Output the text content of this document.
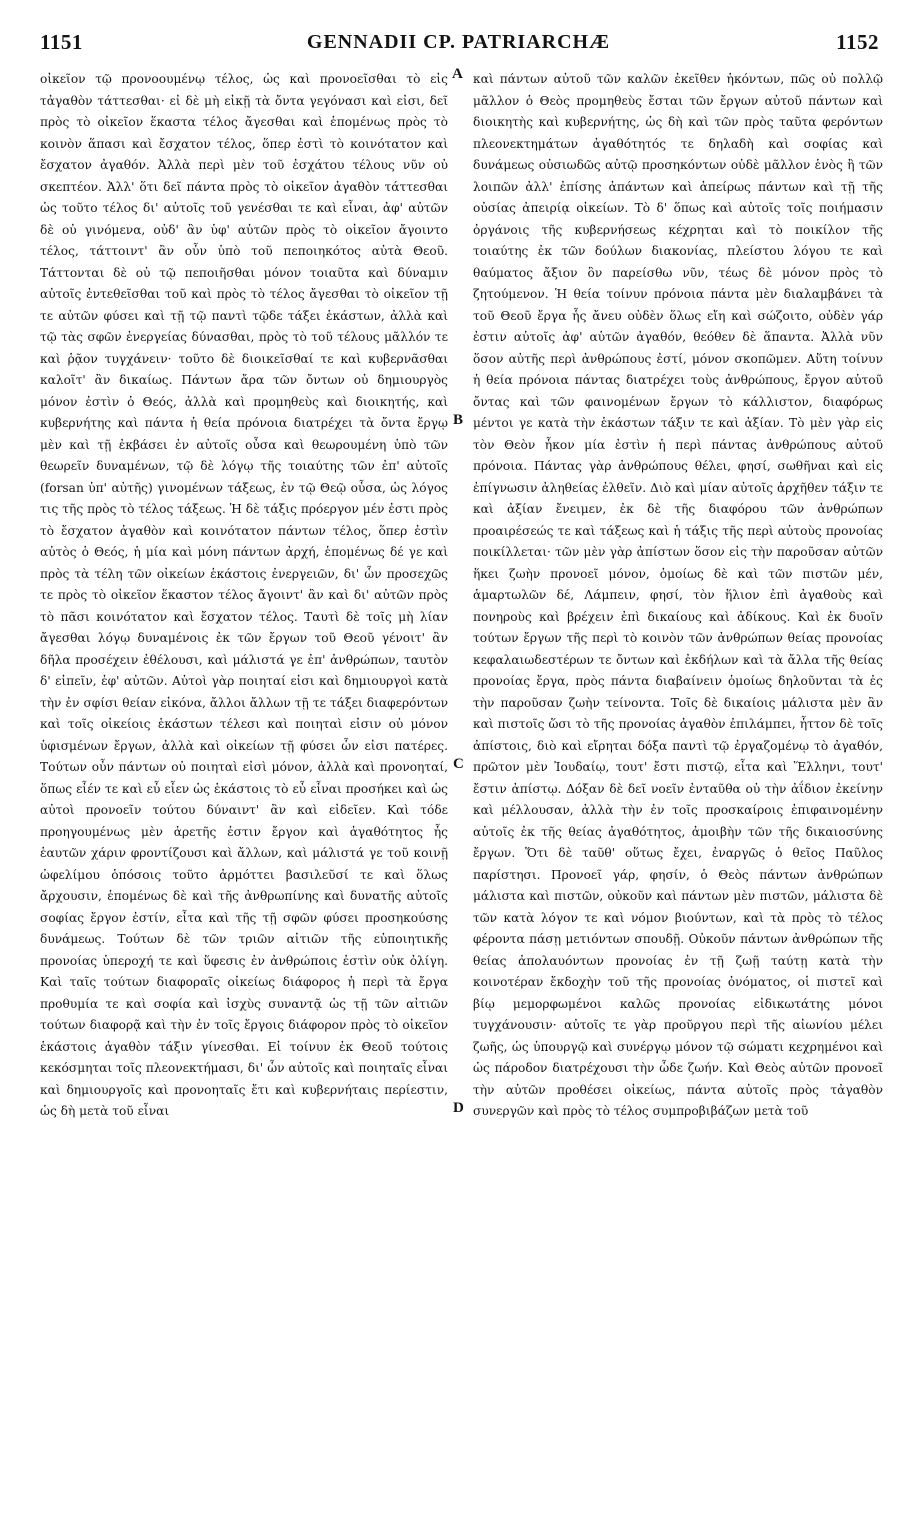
1151	GENNADII CP. PATRIARCHÆ	1152

οἰκεῖον τῷ προνοουμένῳ τέλος, ὡς καὶ προνοεῖσθαι τὸ εἰς τἀγαθὸν τάττεσθαι· εἰ δὲ μὴ εἰκῇ τὰ ὄντα γεγόνασι καὶ εἰσι, δεῖ πρὸς τὸ οἰκεῖον ἕκαστα τέλος ἄγεσθαι καὶ ἑπομένως πρὸς τὸ κοινὸν ἅπασι καὶ ἔσχατον τέλος, ὅπερ ἐστὶ τὸ κοινότατον καὶ ἔσχατον ἀγαθόν. Ἀλλὰ περὶ μὲν τοῦ ἐσχάτου τέλους νῦν οὐ σκεπτέον. Ἀλλ' ὅτι δεῖ πάντα πρὸς τὸ οἰκεῖον ἀγαθὸν τάττεσθαι ὡς τοῦτο τέλος δι' αὐτοῖς τοῦ γενέσθαι τε καὶ εἶναι, ἀφ' αὐτῶν δὲ οὐ γινόμενα, οὐδ' ἂν ὑφ' αὑτῶν πρὸς τὸ οἰκεῖον ἄγοιντο τέλος, τάττοιντ' ἂν οὖν ὑπὸ τοῦ πεποιηκότος αὐτὰ Θεοῦ. Τάττονται δὲ οὐ τῷ πεποιῆσθαι μόνον τοιαῦτα καὶ δύναμιν αὐτοῖς ἐντεθεῖσθαι τοῦ καὶ πρὸς τὸ τέλος ἄγεσθαι τὸ οἰκεῖον τῇ τε αὐτῶν φύσει καὶ τῇ τῷ παντὶ τῷδε τάξει ἑκάστων, ἀλλὰ καὶ τῷ τὰς σφῶν ἐνεργείας δύνασθαι, πρὸς τὸ τοῦ τέλους μᾶλλόν τε καὶ ῥᾷον τυγχάνειν· τοῦτο δὲ διοικεῖσθαί τε καὶ κυβερνᾶσθαι καλοῖτ' ἂν δικαίως. Πάντων ἄρα τῶν ὄντων οὐ δημιουργὸς μόνον ἐστὶν ὁ Θεός, ἀλλὰ καὶ προμηθεὺς καὶ διοικητής, καὶ κυβερνήτης καὶ πάντα ἡ θεία πρόνοια διατρέχει τὰ ὄντα ἔργῳ μὲν καὶ τῇ ἐκβάσει ἐν αὐτοῖς οὖσα καὶ θεωρουμένη ὑπὸ τῶν θεωρεῖν δυναμένων, τῷ δὲ λόγῳ τῆς τοιαύτης τῶν ἐπ' αὐτοῖς (forsan ὑπ' αὐτῆς) γινομένων τάξεως, ἐν τῷ Θεῷ οὖσα, ὡς λόγος τις τῆς πρὸς τὸ τέλος τάξεως. Ἡ δὲ τάξις πρόεργον μέν ἐστι πρὸς τὸ ἔσχατον ἀγαθὸν καὶ κοινότατον πάντων τέλος, ὅπερ ἐστὶν αὐτὸς ὁ Θεός, ἡ μία καὶ μόνη πάντων ἀρχή, ἑπομένως δέ γε καὶ πρὸς τὰ τέλη τῶν οἰκείων ἑκάστοις ἐνεργειῶν, δι' ὧν προσεχῶς τε πρὸς τὸ οἰκεῖον ἕκαστον τέλος ἄγοιντ' ἂν καὶ δι' αὐτῶν πρὸς τὸ πᾶσι κοινότατον καὶ ἔσχατον τέλος. Ταυτὶ δὲ τοῖς μὴ λίαν ἄγεσθαι λόγῳ δυναμένοις ἐκ τῶν ἔργων τοῦ Θεοῦ γένοιτ' ἂν δῆλα προσέχειν ἐθέλουσι, καὶ μάλιστά γε ἐπ' ἀνθρώπων, ταυτὸν δ' εἰπεῖν, ἐφ' αὐτῶν. Αὐτοὶ γὰρ ποιηταί εἰσι καὶ δημιουργοὶ κατὰ τὴν ἐν σφίσι θείαν εἰκόνα, ἄλλοι ἄλλων τῇ τε τάξει διαφερόντων καὶ τοῖς οἰκείοις ἑκάστων τέλεσι καὶ ποιηταὶ εἰσιν οὐ μόνον ὑφισμένων ἔργων, ἀλλὰ καὶ οἰκείων τῇ φύσει ὧν εἰσι πατέρες. Τούτων οὖν πάντων οὐ ποιηταὶ εἰσὶ μόνον, ἀλλὰ καὶ προνοηταί, ὅπως εἶέν τε καὶ εὖ εἶεν ὡς ἑκάστοις τὸ εὖ εἶναι προσήκει καὶ ὡς αὐτοὶ προνοεῖν τούτου δύναιντ' ἂν καὶ εἰδεῖεν. Καὶ τόδε προηγουμένως μὲν ἀρετῆς ἐστιν ἔργον καὶ ἀγαθότητος ἧς ἑαυτῶν χάριν φροντίζουσι καὶ ἄλλων, καὶ μάλιστά γε τοῦ κοινῇ ὠφελίμου ὁπόσοις τοῦτο ἁρμόττει βασιλεῦσί τε καὶ ὅλως ἄρχουσιν, ἑπομένως δὲ καὶ τῆς ἀνθρωπίνης καὶ δυνατῆς αὐτοῖς σοφίας ἔργον ἐστίν, εἶτα καὶ τῆς τῇ σφῶν φύσει προσηκούσης δυνάμεως. Τούτων δὲ τῶν τριῶν αἰτιῶν τῆς εὐποιητικῆς προνοίας ὑπεροχή τε καὶ ὕφεσις ἐν ἀνθρώποις ἐστὶν οὐκ ὀλίγη. Καὶ ταῖς τούτων διαφοραῖς οἰκείως διάφορος ἡ περὶ τὰ ἔργα προθυμία τε καὶ σοφία καὶ ἰσχὺς συναντᾷ ὡς τῇ τῶν αἰτιῶν τούτων διαφορᾷ καὶ τὴν ἐν τοῖς ἔργοις διάφορον πρὸς τὸ οἰκεῖον ἑκάστοις ἀγαθὸν τάξιν γίνεσθαι. Εἰ τοίνυν ἐκ Θεοῦ τούτοις κεκόσμηται τοῖς πλεονεκτήμασι, δι' ὧν αὐτοῖς καὶ ποιηταῖς εἶναι καὶ δημιουργοῖς καὶ προνοηταῖς ἔτι καὶ κυβερνήταις περίεστιν, ὡς δὴ μετὰ τοῦ εἶναι

καὶ πάντων αὐτοῦ τῶν καλῶν ἐκεῖθεν ἡκόντων, πῶς οὐ πολλῷ μᾶλλον ὁ Θεὸς προμηθεὺς ἔσται τῶν ἔργων αὐτοῦ πάντων καὶ διοικητὴς καὶ κυβερνήτης, ὡς δὴ καὶ τῶν πρὸς ταῦτα φερόντων πλεονεκτημάτων ἀγαθότητός τε δηλαδὴ καὶ σοφίας καὶ δυνάμεως οὐσιωδῶς αὐτῷ προσηκόντων οὐδὲ μᾶλλον ἑνὸς ἢ τῶν λοιπῶν ἀλλ' ἐπίσης ἁπάντων καὶ ἀπείρως πάντων καὶ τῇ τῆς οὐσίας ἀπειρίᾳ οἰκείων. Τὸ δ' ὅπως καὶ αὐτοῖς τοῖς ποιήμασιν ὀργάνοις τῆς κυβερνήσεως κέχρηται καὶ τὸ ποικίλον τῆς τοιαύτης ἐκ τῶν δούλων διακονίας, πλείστου λόγου τε καὶ θαύματος ἄξιον ὂν παρείσθω νῦν, τέως δὲ μόνον πρὸς τὸ ζητούμενον. Ἡ θεία τοίνυν πρόνοια πάντα μὲν διαλαμβάνει τὰ τοῦ Θεοῦ ἔργα ἧς ἄνευ οὐδὲν ὅλως εἴη καὶ σώζοιτο, οὐδὲν γάρ ἐστιν αὐτοῖς ἀφ' αὑτῶν ἀγαθόν, θεόθεν δὲ ἅπαντα. Ἀλλὰ νῦν ὅσον αὐτῆς περὶ ἀνθρώπους ἐστί, μόνον σκοπῶμεν. Αὕτη τοίνυν ἡ θεία πρόνοια πάντας διατρέχει τοὺς ἀνθρώπους, ἔργον αὐτοῦ ὄντας καὶ τῶν φαινομένων ἔργων τὸ κάλλιστον, διαφόρως μέντοι γε κατὰ τὴν ἑκάστων τάξιν τε καὶ ἀξίαν. Τὸ μὲν γὰρ εἰς τὸν Θεὸν ἧκον μία ἐστὶν ἡ περὶ πάντας ἀνθρώπους αὐτοῦ πρόνοια. Πάντας γὰρ ἀνθρώπους θέλει, φησί, σωθῆναι καὶ εἰς ἐπίγνωσιν ἀληθείας ἐλθεῖν. Διὸ καὶ μίαν αὐτοῖς ἀρχῆθεν τάξιν τε καὶ ἀξίαν ἔνειμεν, ἐκ δὲ τῆς διαφόρου τῶν ἀνθρώπων προαιρέσεώς τε καὶ τάξεως καὶ ἡ τάξις τῆς περὶ αὐτοὺς προνοίας ποικίλλεται· τῶν μὲν γὰρ ἀπίστων ὅσον εἰς τὴν παροῦσαν αὐτῶν ἥκει ζωὴν προνοεῖ μόνον, ὁμοίως δὲ καὶ τῶν πιστῶν μέν, ἁμαρτωλῶν δέ, Λάμπειν, φησί, τὸν ἥλιον ἐπὶ ἀγαθοὺς καὶ πονηροὺς καὶ βρέχειν ἐπὶ δικαίους καὶ ἀδίκους. Καὶ ἐκ δυοῖν τούτων ἔργων τῆς περὶ τὸ κοινὸν τῶν ἀνθρώπων θείας προνοίας κεφαλαιωδεστέρων τε ὄντων καὶ ἐκδήλων καὶ τὰ ἄλλα τῆς θείας προνοίας ἔργα, πρὸς πάντα διαβαίνειν ὁμοίως δηλοῦνται τὰ ἐς τὴν παροῦσαν ζωὴν τείνοντα. Τοῖς δὲ δικαίοις μάλιστα μὲν ἂν καὶ πιστοῖς ὥσι τὸ τῆς προνοίας ἀγαθὸν ἐπιλάμπει, ἧττον δὲ τοῖς ἀπίστοις, διὸ καὶ εἴρηται δόξα παντὶ τῷ ἐργαζομένῳ τὸ ἀγαθόν, πρῶτον μὲν Ἰουδαίῳ, τουτ' ἔστι πιστῷ, εἶτα καὶ Ἕλληνι, τουτ' ἔστιν ἀπίστῳ. Δόξαν δὲ δεῖ νοεῖν ἐνταῦθα οὐ τὴν ἀΐδιον ἐκείνην καὶ μέλλουσαν, ἀλλὰ τὴν ἐν τοῖς προσκαίροις ἐπιφαινομένην αὐτοῖς ἐκ τῆς θείας ἀγαθότητος, ἀμοιβὴν τῶν τῆς δικαιοσύνης ἔργων. Ὅτι δὲ ταῦθ' οὕτως ἔχει, ἐναργῶς ὁ θεῖος Παῦλος παρίστησι. Προνοεῖ γάρ, φησίν, ὁ Θεὸς πάντων ἀνθρώπων μάλιστα καὶ πιστῶν, οὐκοῦν καὶ πάντων μὲν πιστῶν, μάλιστα δὲ τῶν κατὰ λόγον τε καὶ νόμον βιούντων, καὶ τὰ πρὸς τὸ τέλος φέροντα πάσῃ μετιόντων σπουδῇ. Οὐκοῦν πάντων ἀνθρώπων τῆς θείας ἀπολαυόντων προνοίας ἐν τῇ ζωῇ ταύτῃ κατὰ τὴν κοινοτέραν ἔκδοχὴν τοῦ τῆς προνοίας ὀνόματος, οἱ πιστεῖ καὶ βίῳ μεμορφωμένοι καλῶς προνοίας εἰδικωτάτης μόνοι τυγχάνουσιν· αὐτοῖς τε γὰρ προῦργου περὶ τῆς αἰωνίου μέλει ζωῆς, ὡς ὑπουργῷ καὶ συνέργῳ μόνον τῷ σώματι κεχρημένοι καὶ ὡς πάροδον διατρέχουσι τὴν ὧδε ζωήν. Καὶ Θεὸς αὐτῶν προνοεῖ τὴν αὐτῶν προθέσει οἰκείως, πάντα αὐτοῖς πρὸς τἀγαθὸν συνεργῶν καὶ πρὸς τὸ τέλος συμπροβιβάζων μετὰ τοῦ

A
B
C
D
